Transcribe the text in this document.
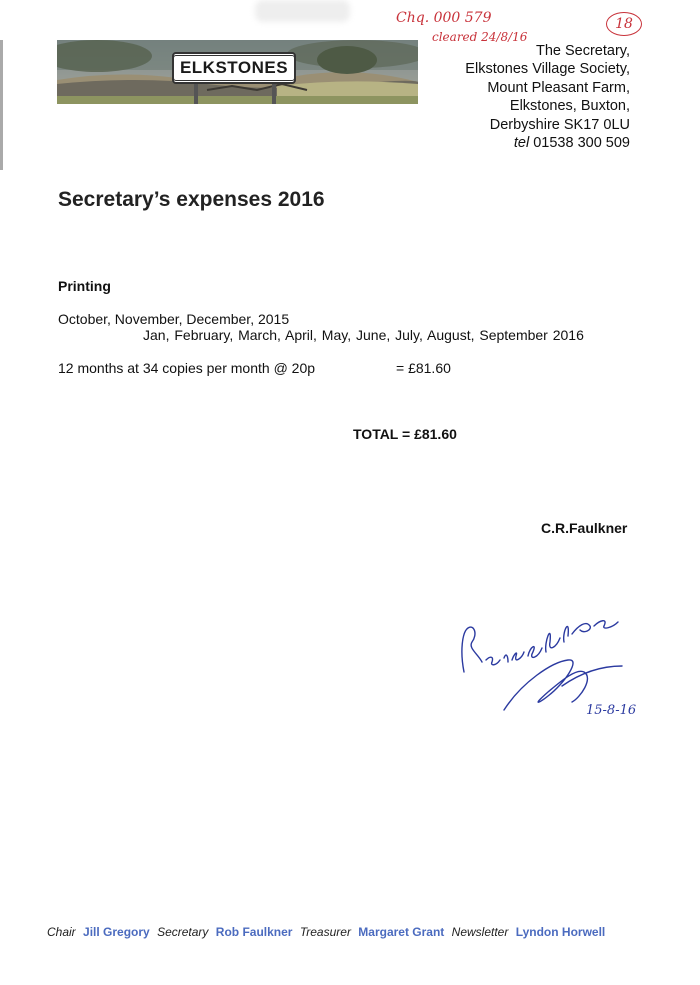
ELKSTONES
Chq. 000 579
cleared 24/8/16
18
The Secretary,
Elkstones Village Society,
Mount Pleasant Farm,
Elkstones, Buxton,
Derbyshire SK17 0LU
tel 01538 300 509
Secretary’s expenses 2016
Printing
October, November, December, 2015
Jan, February, March, April, May, June, July, August, September 2016
12 months at 34 copies per month @ 20p	= £81.60
TOTAL = £81.60
C.R.Faulkner
15-8-16
Chair Jill Gregory Secretary Rob Faulkner Treasurer Margaret Grant Newsletter Lyndon Horwell
